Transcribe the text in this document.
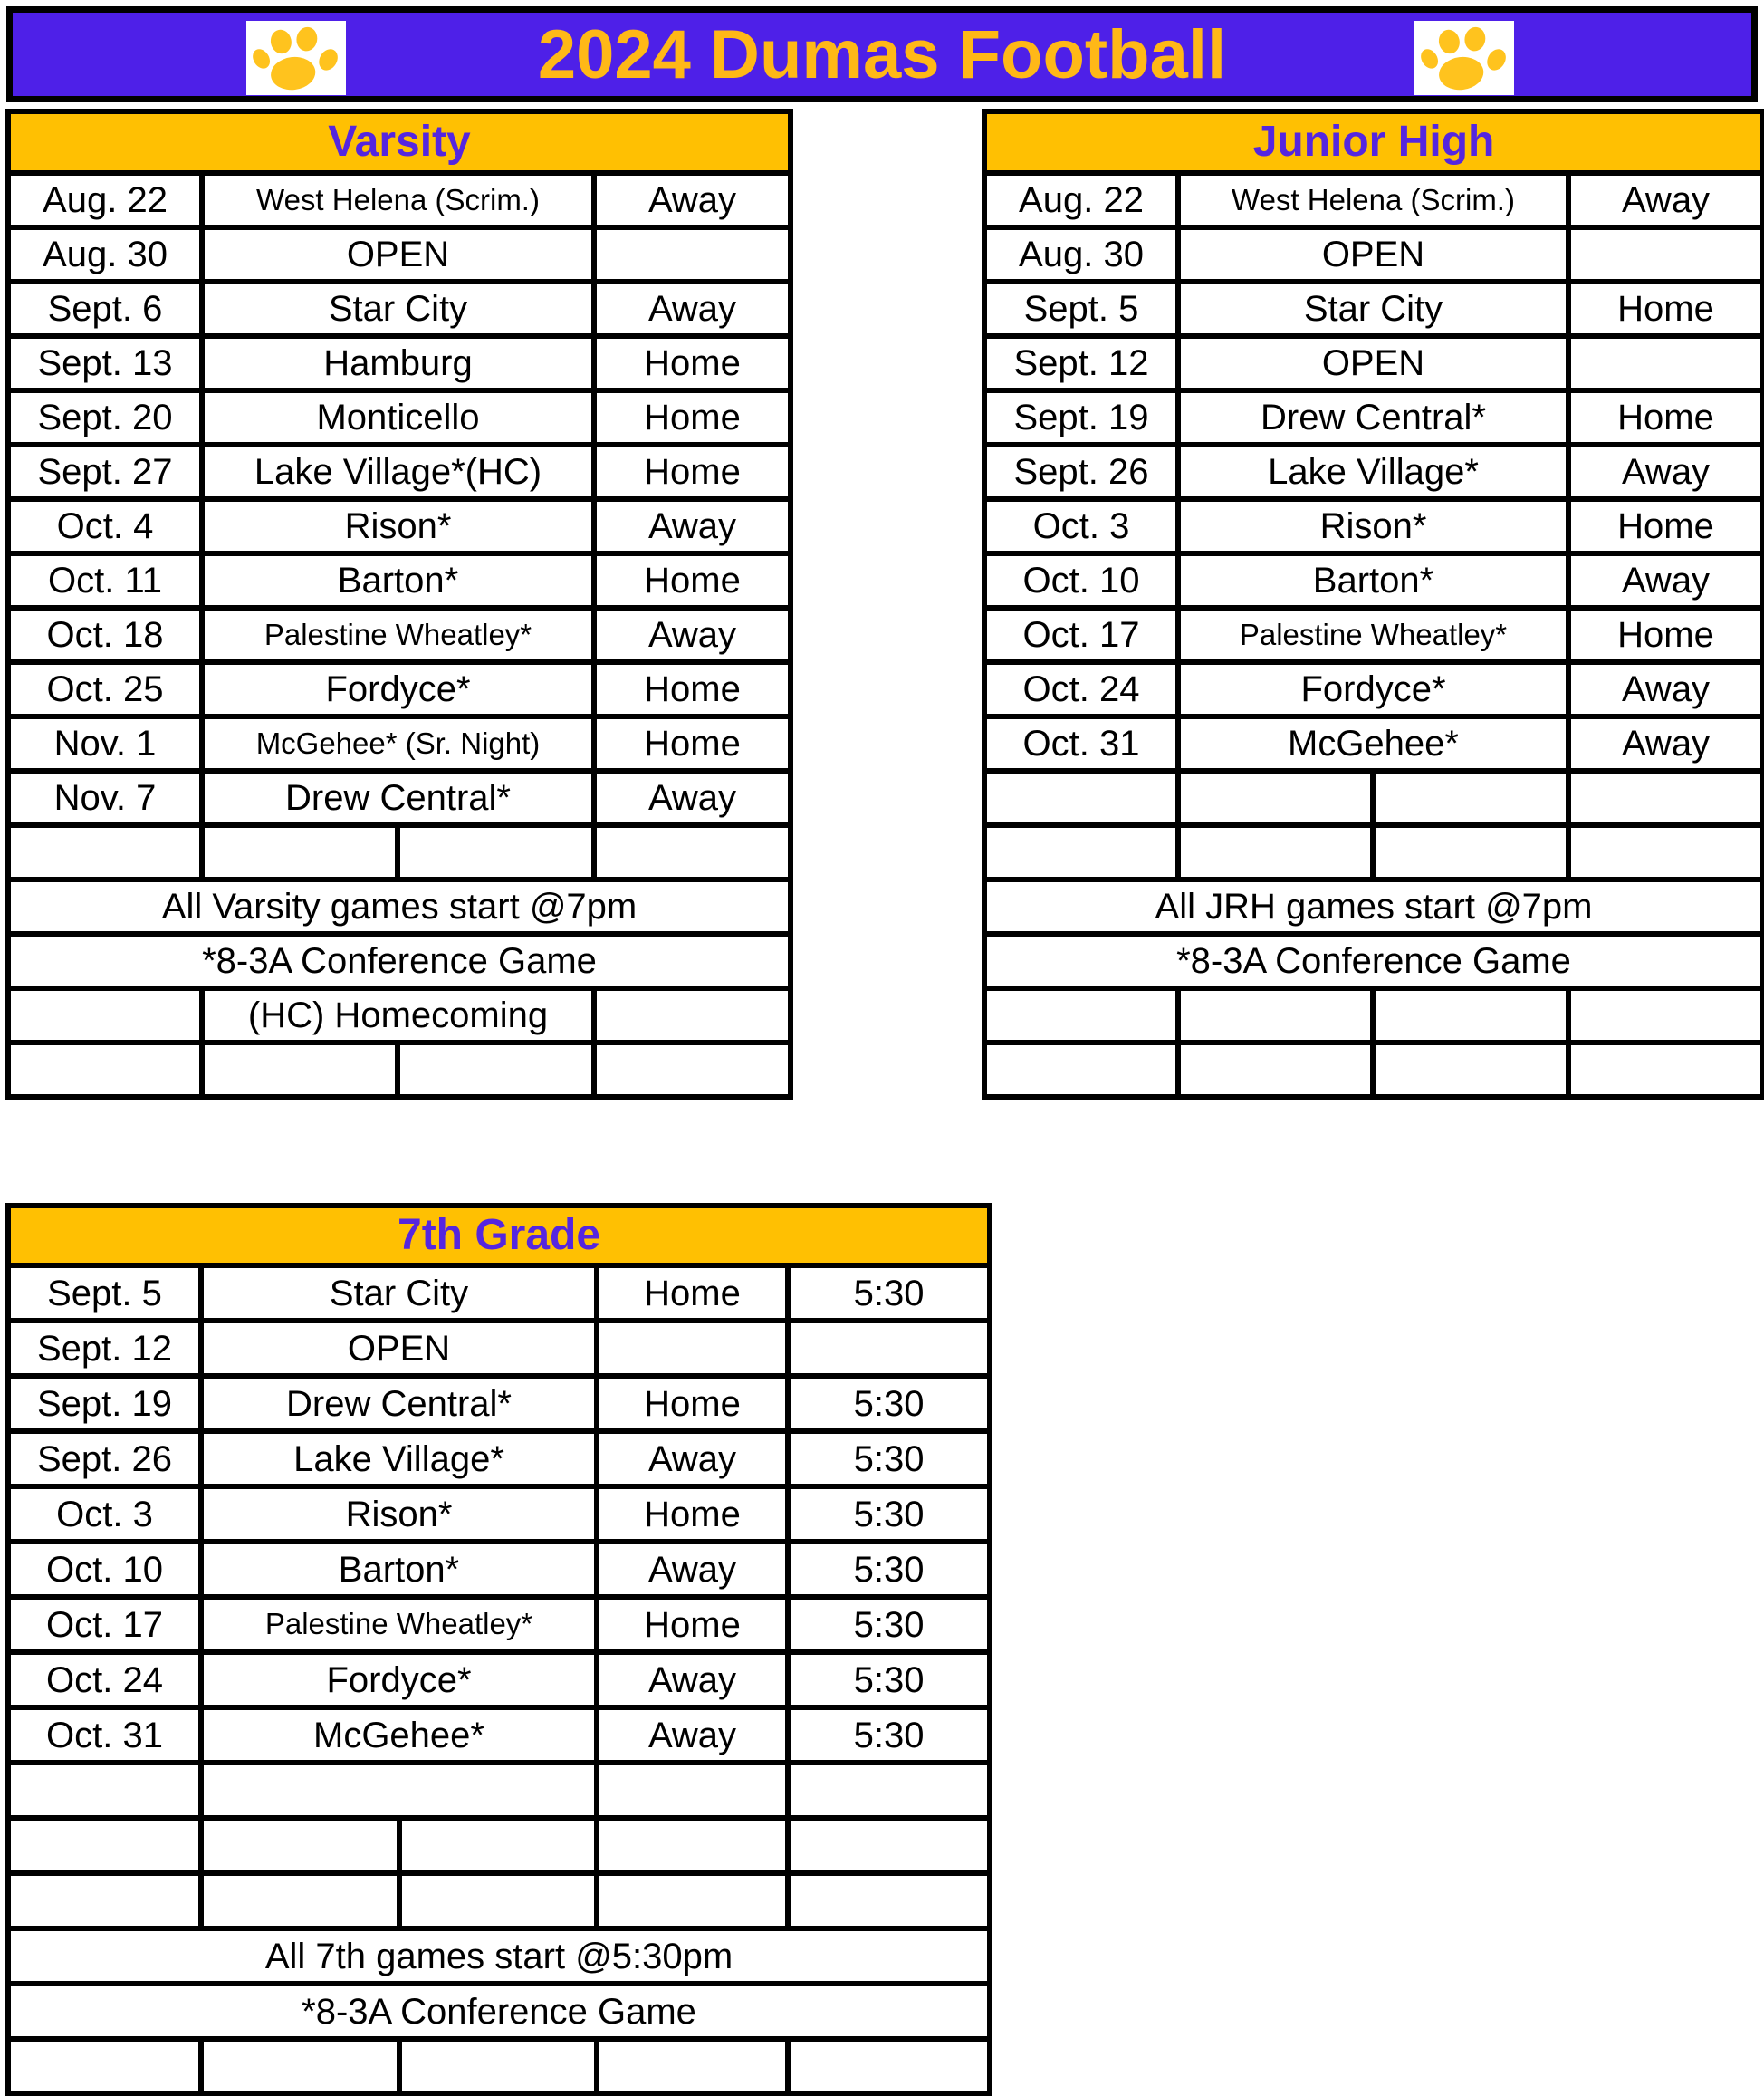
2024 Dumas Football
Varsity			
Aug. 22	West Helena (Scrim.)		Away
Aug. 30	OPEN		
Sept. 6	Star City		Away
Sept. 13	Hamburg		Home
Sept. 20	Monticello		Home
Sept. 27	Lake Village*(HC)		Home
Oct. 4	Rison*		Away
Oct. 11	Barton*		Home
Oct. 18	Palestine Wheatley*		Away
Oct. 25	Fordyce*		Home
Nov. 1	McGehee* (Sr. Night)		Home
Nov. 7	Drew Central*		Away

All Varsity games start @7pm			
*8-3A Conference Game			
	(HC) Homecoming		

Junior High			
Aug. 22	West Helena (Scrim.)		Away
Aug. 30	OPEN		
Sept. 5	Star City		Home
Sept. 12	OPEN		
Sept. 19	Drew Central*		Home
Sept. 26	Lake Village*		Away
Oct. 3	Rison*		Home
Oct. 10	Barton*		Away
Oct. 17	Palestine Wheatley*		Home
Oct. 24	Fordyce*		Away
Oct. 31	McGehee*		Away

All JRH games start @7pm			
*8-3A Conference Game			

7th Grade				
Sept. 5	Star City		Home	5:30
Sept. 12	OPEN			
Sept. 19	Drew Central*		Home	5:30
Sept. 26	Lake Village*		Away	5:30
Oct. 3	Rison*		Home	5:30
Oct. 10	Barton*		Away	5:30
Oct. 17	Palestine Wheatley*		Home	5:30
Oct. 24	Fordyce*		Away	5:30
Oct. 31	McGehee*		Away	5:30

All 7th games start @5:30pm				
*8-3A Conference Game				
